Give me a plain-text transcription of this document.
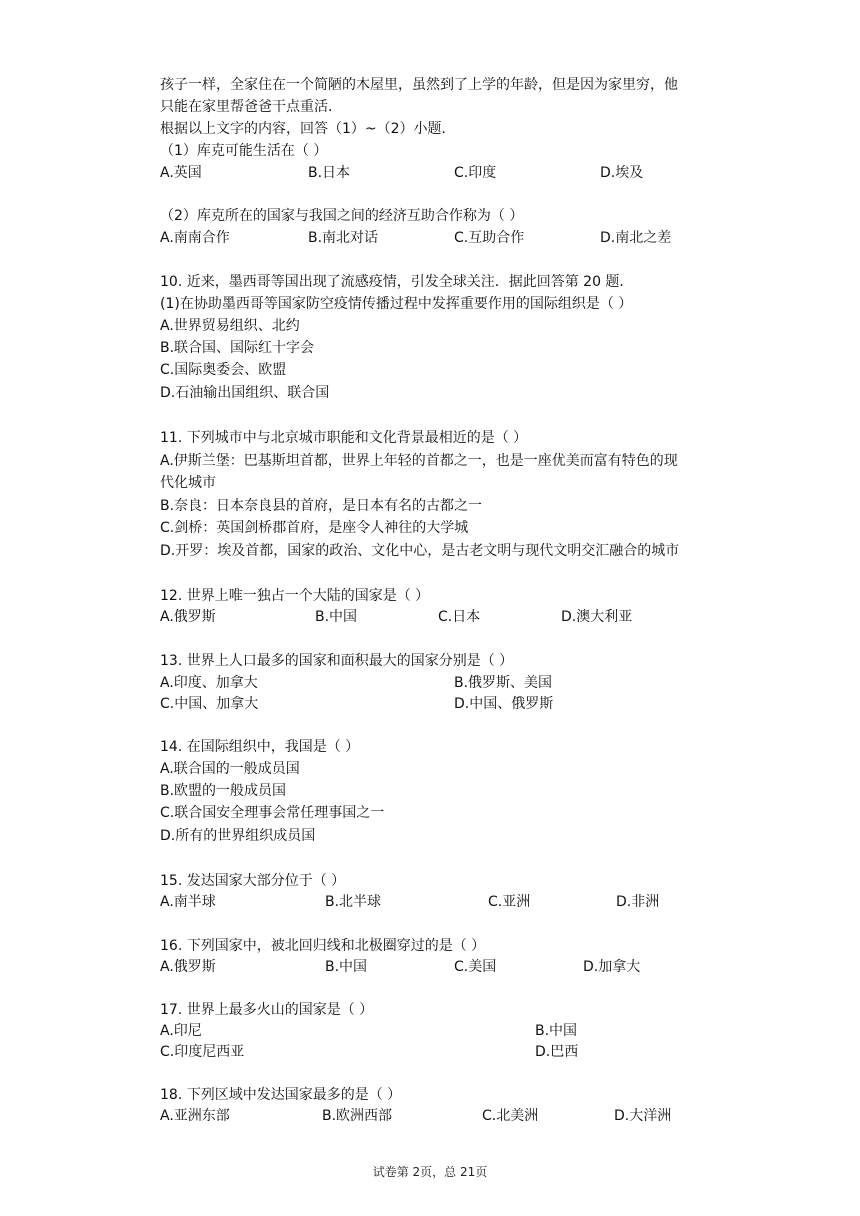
孩子一样，全家住在一个简陋的木屋里，虽然到了上学的年龄，但是因为家里穷，他
只能在家里帮爸爸干点重活．
根据以上文字的内容，回答（1）~（2）小题．
（1）库克可能生活在（ ）
A.英国	B.日本	C.印度	D.埃及
（2）库克所在的国家与我国之间的经济互助合作称为（ ）
A.南南合作	B.南北对话	C.互助合作	D.南北之差
10. 近来，墨西哥等国出现了流感疫情，引发全球关注．据此回答第 20 题．
(1)在协助墨西哥等国家防空疫情传播过程中发挥重要作用的国际组织是（ ）
A.世界贸易组织、北约
B.联合国、国际红十字会
C.国际奥委会、欧盟
D.石油输出国组织、联合国
11. 下列城市中与北京城市职能和文化背景最相近的是（ ）
A.伊斯兰堡：巴基斯坦首都，世界上年轻的首都之一，也是一座优美而富有特色的现
代化城市
B.奈良：日本奈良县的首府，是日本有名的古都之一
C.剑桥：英国剑桥郡首府，是座令人神往的大学城
D.开罗：埃及首都，国家的政治、文化中心，是古老文明与现代文明交汇融合的城市
12. 世界上唯一独占一个大陆的国家是（ ）
A.俄罗斯	B.中国	C.日本	D.澳大利亚
13. 世界上人口最多的国家和面积最大的国家分别是（ ）
A.印度、加拿大	B.俄罗斯、美国
C.中国、加拿大	D.中国、俄罗斯
14. 在国际组织中，我国是（ ）
A.联合国的一般成员国
B.欧盟的一般成员国
C.联合国安全理事会常任理事国之一
D.所有的世界组织成员国
15. 发达国家大部分位于（ ）
A.南半球	B.北半球	C.亚洲	D.非洲
16. 下列国家中，被北回归线和北极圈穿过的是（ ）
A.俄罗斯	B.中国	C.美国	D.加拿大
17. 世界上最多火山的国家是（ ）
A.印尼	B.中国
C.印度尼西亚	D.巴西
18. 下列区域中发达国家最多的是（ ）
A.亚洲东部	B.欧洲西部	C.北美洲	D.大洋洲
试卷第 2页，总 21页
